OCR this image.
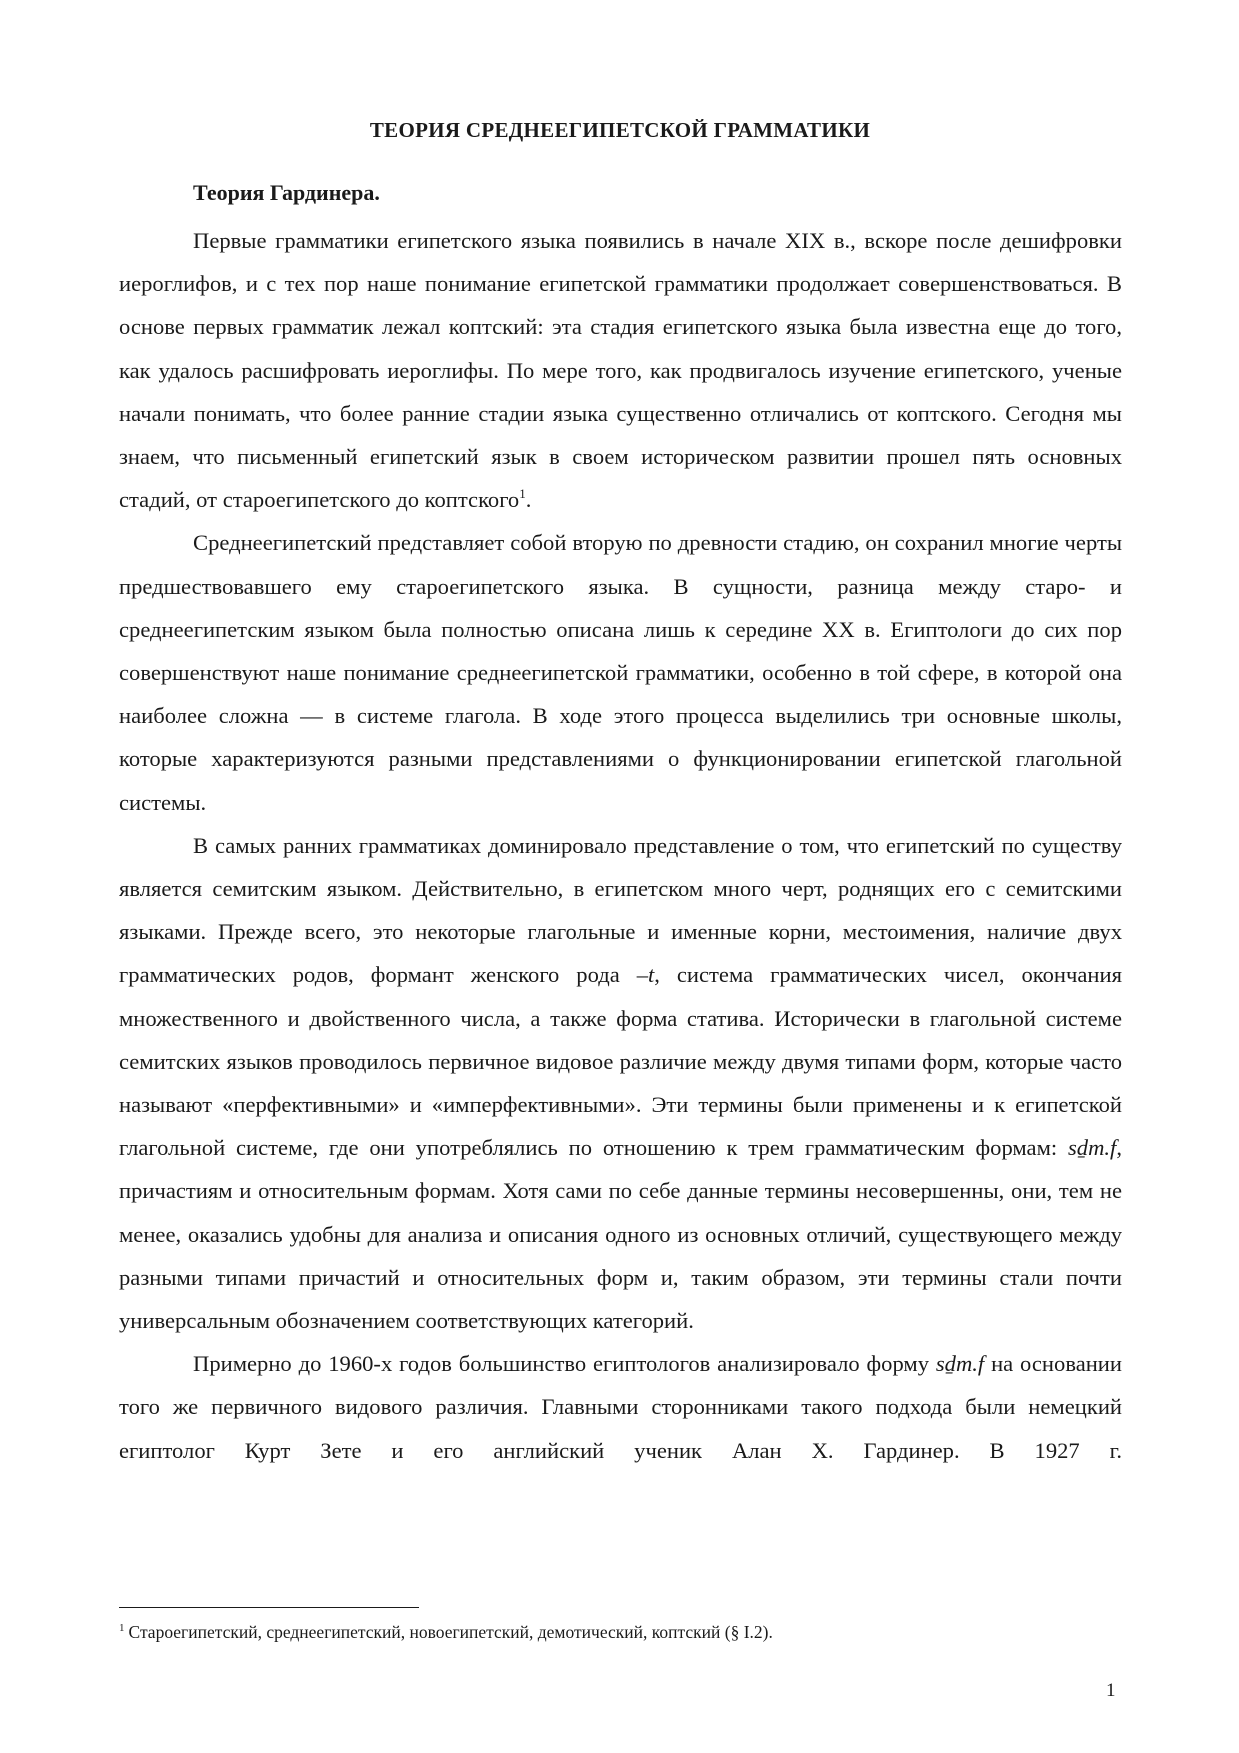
ТЕОРИЯ СРЕДНЕЕГИПЕТСКОЙ ГРАММАТИКИ
Теория Гардинера.

Первые грамматики египетского языка появились в начале XIX в., вскоре после дешифровки иероглифов, и с тех пор наше понимание египетской грамматики продолжает совершенствоваться. В основе первых грамматик лежал коптский: эта стадия египетского языка была известна еще до того, как удалось расшифровать иероглифы. По мере того, как продвигалось изучение египетского, ученые начали понимать, что более ранние стадии языка существенно отличались от коптского. Сегодня мы знаем, что письменный египетский язык в своем историческом развитии прошел пять основных стадий, от староегипетского до коптского$^1$.

Среднеегипетский представляет собой вторую по древности стадию, он сохранил многие черты предшествовавшего ему староегипетского языка. В сущности, разница между старо- и среднеегипетским языком была полностью описана лишь к середине XX в. Египтологи до сих пор совершенствуют наше понимание среднеегипетской грамматики, особенно в той сфере, в которой она наиболее сложна — в системе глагола. В ходе этого процесса выделились три основные школы, которые характеризуются разными представлениями о функционировании египетской глагольной системы.

В самых ранних грамматиках доминировало представление о том, что египетский по существу является семитским языком. Действительно, в египетском много черт, роднящих его с семитскими языками. Прежде всего, это некоторые глагольные и именные корни, местоимения, наличие двух грамматических родов, формант женского рода –t, система грамматических чисел, окончания множественного и двойственного числа, а также форма статива. Исторически в глагольной системе семитских языков проводилось первичное видовое различие между двумя типами форм, которые часто называют «перфективными» и «имперфективными». Эти термины были применены и к египетской глагольной системе, где они употреблялись по отношению к трем грамматическим формам: sḏm.f, причастиям и относительным формам. Хотя сами по себе данные термины несовершенны, они, тем не менее, оказались удобны для анализа и описания одного из основных отличий, существующего между разными типами причастий и относительных форм и, таким образом, эти термины стали почти универсальным обозначением соответствующих категорий.

Примерно до 1960-х годов большинство египтологов анализировало форму sḏm.f на основании того же первичного видового различия. Главными сторонниками такого подхода были немецкий египтолог Курт Зете и его английский ученик Алан Х. Гардинер. В 1927 г.

$^1$ Староегипетский, среднеегипетский, новоегипетский, демотический, коптский (§ I.2).
1
